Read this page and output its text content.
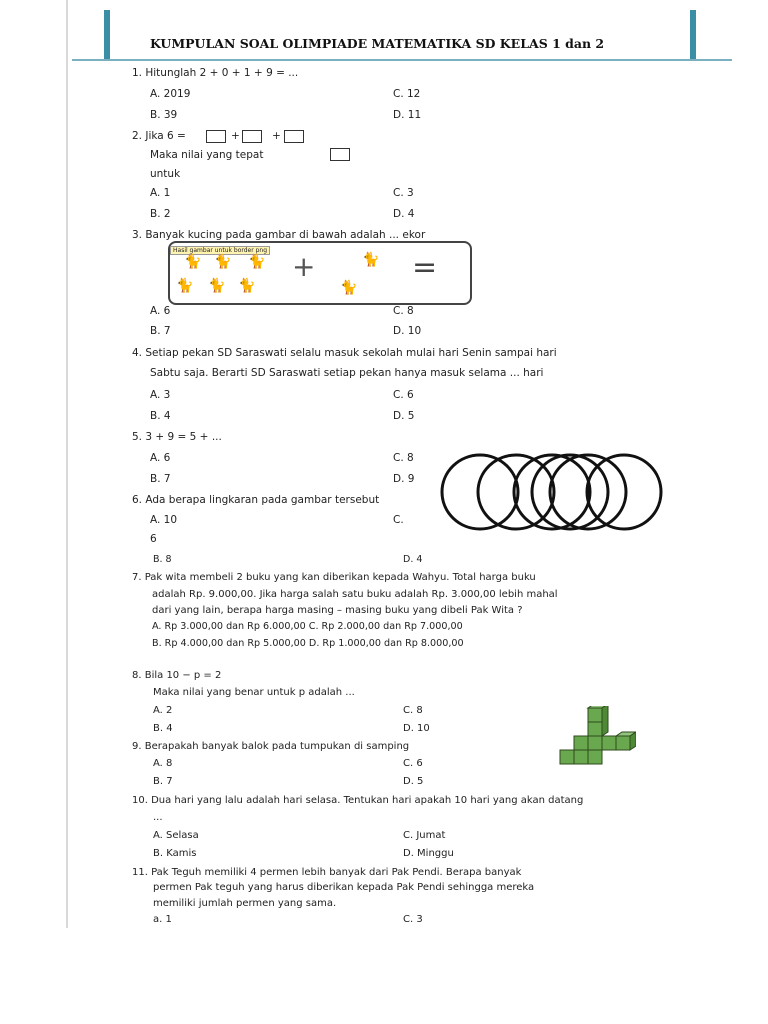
KUMPULAN SOAL OLIMPIADE MATEMATIKA SD KELAS 1 dan 2
1. Hitunglah 2 + 0 + 1 + 9 = ...
A. 2019	C. 12
B. 39	D. 11
2. Jika 6 =	+	+
Maka nilai yang tepat
untuk
A. 1	C. 3
B. 2	D. 4
3. Banyak kucing pada gambar di bawah adalah ... ekor
Hasil gambar untuk border png
🐈 🐈 🐈
🐈 🐈 🐈
+	🐈
🐈
=
A. 6	C. 8
B. 7	D. 10
4. Setiap pekan SD Saraswati selalu masuk sekolah mulai hari Senin sampai hari
Sabtu saja. Berarti SD Saraswati setiap pekan hanya masuk selama ... hari
A. 3	C. 6
B. 4	D. 5
5. 3 + 9 = 5 + ...
A. 6	C. 8
B. 7	D. 9
6. Ada berapa lingkaran pada gambar tersebut
A. 10	C.
6
B. 8	D. 4
7. Pak wita membeli 2 buku yang kan diberikan kepada Wahyu. Total harga buku
adalah Rp. 9.000,00. Jika harga salah satu buku adalah Rp. 3.000,00 lebih mahal
dari yang lain, berapa harga masing – masing buku yang dibeli Pak Wita ?
A. Rp 3.000,00 dan Rp 6.000,00 C. Rp 2.000,00 dan Rp 7.000,00
B. Rp 4.000,00 dan Rp 5.000,00 D. Rp 1.000,00 dan Rp 8.000,00
8. Bila 10 − p = 2
Maka nilai yang benar untuk p adalah ...
A. 2	C. 8
B. 4	D. 10
9. Berapakah banyak balok pada tumpukan di samping
A. 8	C. 6
B. 7	D. 5
10. Dua hari yang lalu adalah hari selasa. Tentukan hari apakah 10 hari yang akan datang
...
A. Selasa	C. Jumat
B. Kamis	D. Minggu
11. Pak Teguh memiliki 4 permen lebih banyak dari Pak Pendi. Berapa banyak
permen Pak teguh yang harus diberikan kepada Pak Pendi sehingga mereka
memiliki jumlah permen yang sama.
a. 1	C. 3
